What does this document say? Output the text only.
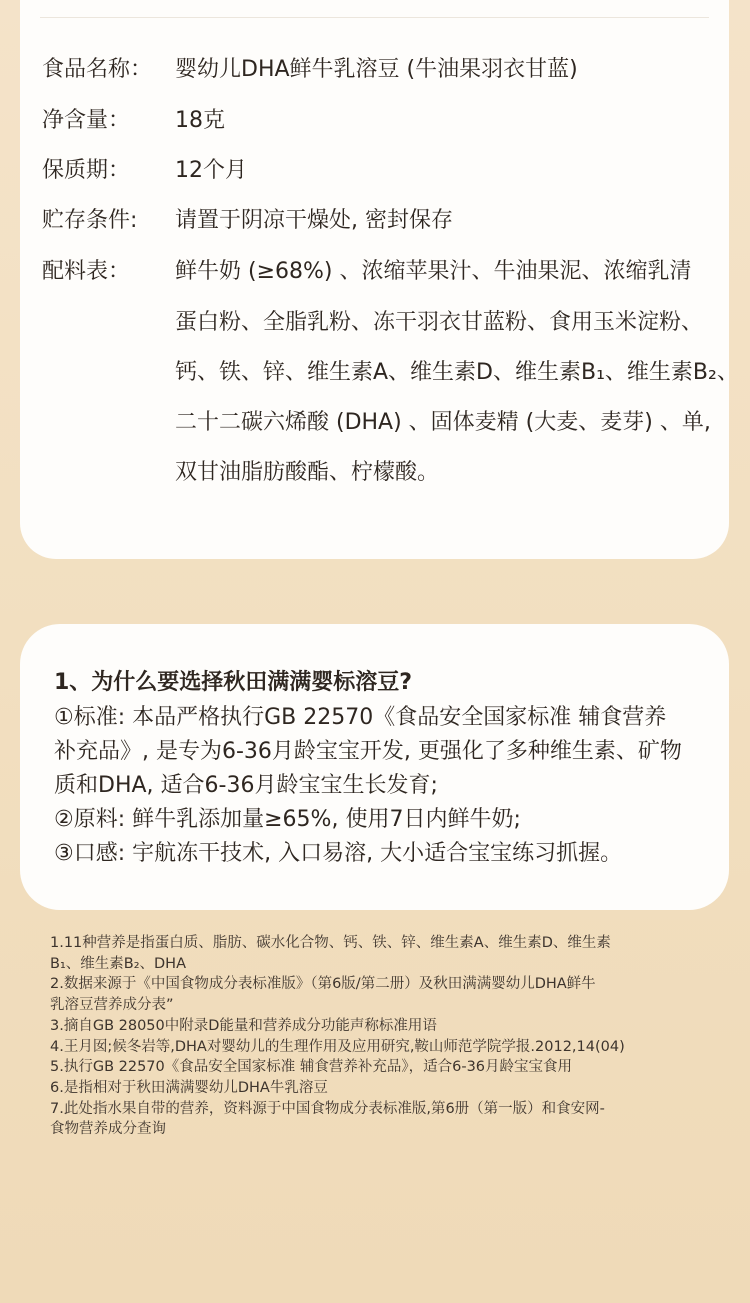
食品名称： 婴幼儿DHA鲜牛乳溶豆 (牛油果羽衣甘蓝)
净含量： 18克
保质期： 12个月
贮存条件: 请置于阴凉干燥处, 密封保存
配料表： 鲜牛奶 (≥68%) 、浓缩苹果汁、牛油果泥、浓缩乳清
蛋白粉、全脂乳粉、冻干羽衣甘蓝粉、食用玉米淀粉、
钙、铁、锌、维生素A、维生素D、维生素B₁、维生素B₂、
二十二碳六烯酸 (DHA) 、固体麦精 (大麦、麦芽) 、单,
双甘油脂肪酸酯、柠檬酸。
1、为什么要选择秋田满满婴标溶豆?
①标准: 本品严格执行GB 22570《食品安全国家标准 辅食营养
补充品》, 是专为6-36月龄宝宝开发, 更强化了多种维生素、矿物
质和DHA, 适合6-36月龄宝宝生长发育;
②原料: 鲜牛乳添加量≥65%, 使用7日内鲜牛奶;
③口感: 宇航冻干技术, 入口易溶, 大小适合宝宝练习抓握。
1.11种营养是指蛋白质、脂肪、碳水化合物、钙、铁、锌、维生素A、维生素D、维生素
B₁、维生素B₂、DHA
2.数据来源于《中国食物成分表标准版》（第6版/第二册）及秋田满满婴幼儿DHA鲜牛
乳溶豆营养成分表”
3.摘自GB 28050中附录D能量和营养成分功能声称标准用语
4.王月囡;候冬岩等,DHA对婴幼儿的生理作用及应用研究,鞍山师范学院学报.2012,14(04)
5.执行GB 22570《食品安全国家标准 辅食营养补充品》，适合6-36月龄宝宝食用
6.是指相对于秋田满满婴幼儿DHA牛乳溶豆
7.此处指水果自带的营养，资料源于中国食物成分表标准版,第6册（第一版）和食安网-
食物营养成分查询
